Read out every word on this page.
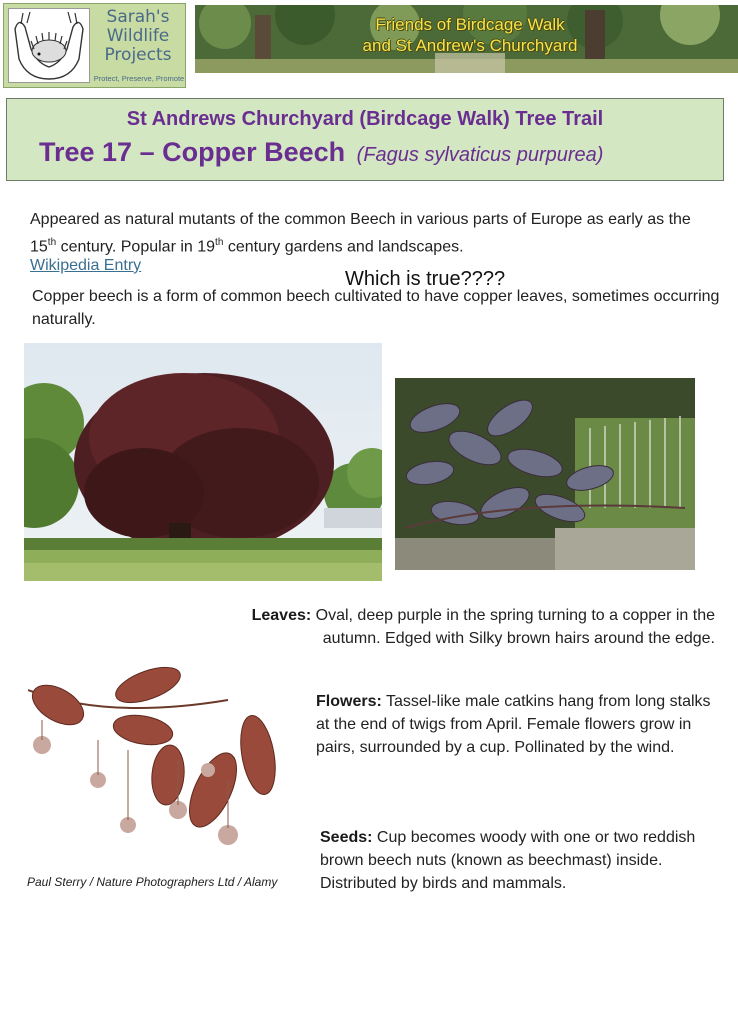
Sarah's
Wildlife
Projects
Protect, Preserve, Promote
Friends of Birdcage Walk
and St Andrew's Churchyard
St Andrews Churchyard (Birdcage Walk) Tree Trail
Tree 17 – Copper Beech (Fagus sylvaticus purpurea)
Appeared as natural mutants of the common Beech in various parts of Europe as early as the 15th century. Popular in 19th century gardens and landscapes.
Wikipedia Entry
Which is true????
Copper beech is a form of common beech cultivated to have copper leaves, sometimes occurring naturally.
Leaves: Oval, deep purple in the spring turning to a copper in the autumn. Edged with Silky brown hairs around the edge.
Flowers: Tassel-like male catkins hang from long stalks at the end of twigs from April. Female flowers grow in pairs, surrounded by a cup. Pollinated by the wind.
Seeds: Cup becomes woody with one or two reddish brown beech nuts (known as beechmast) inside. Distributed by birds and mammals.
Paul Sterry / Nature Photographers Ltd / Alamy
